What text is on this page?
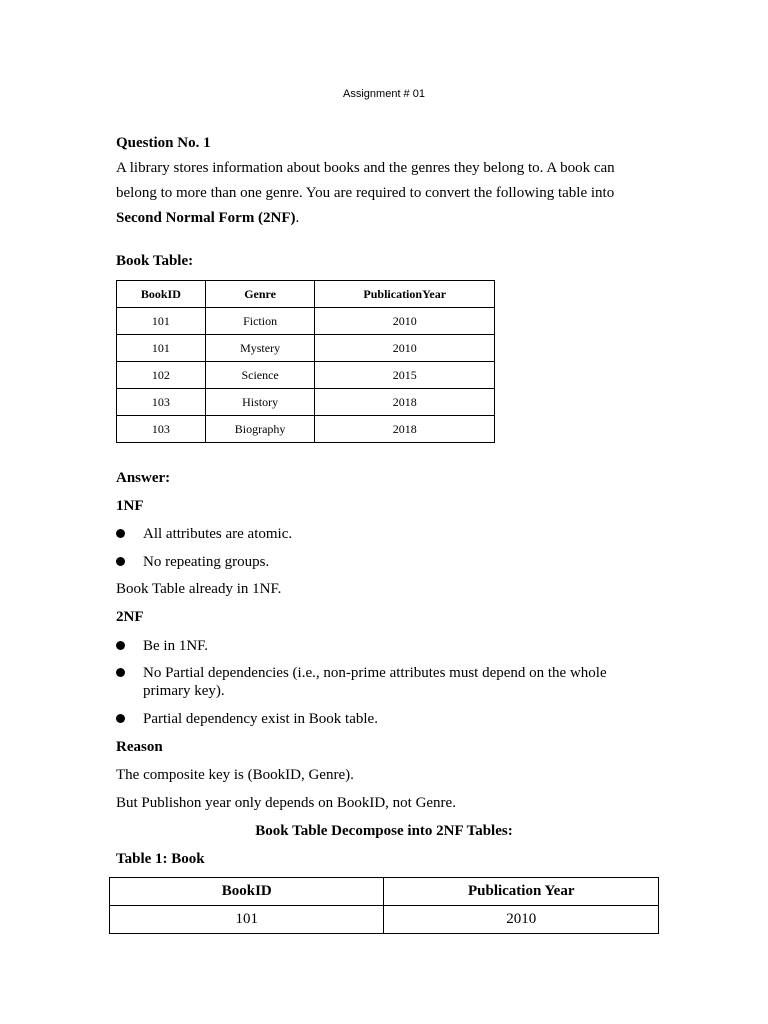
Assignment # 01
Question No. 1
A library stores information about books and the genres they belong to. A book can
belong to more than one genre. You are required to convert the following table into
Second Normal Form (2NF).
Book Table:
BookID	Genre	PublicationYear
101	Fiction	2010
101	Mystery	2010
102	Science	2015
103	History	2018
103	Biography	2018
Answer:
1NF
All attributes are atomic.
No repeating groups.
Book Table already in 1NF.
2NF
Be in 1NF.
No Partial dependencies (i.e., non-prime attributes must depend on the whole primary key).
Partial dependency exist in Book table.
Reason
The composite key is (BookID, Genre).
But Publishon year only depends on BookID, not Genre.
Book Table Decompose into 2NF Tables:
Table 1: Book
BookID	Publication Year
101	2010
